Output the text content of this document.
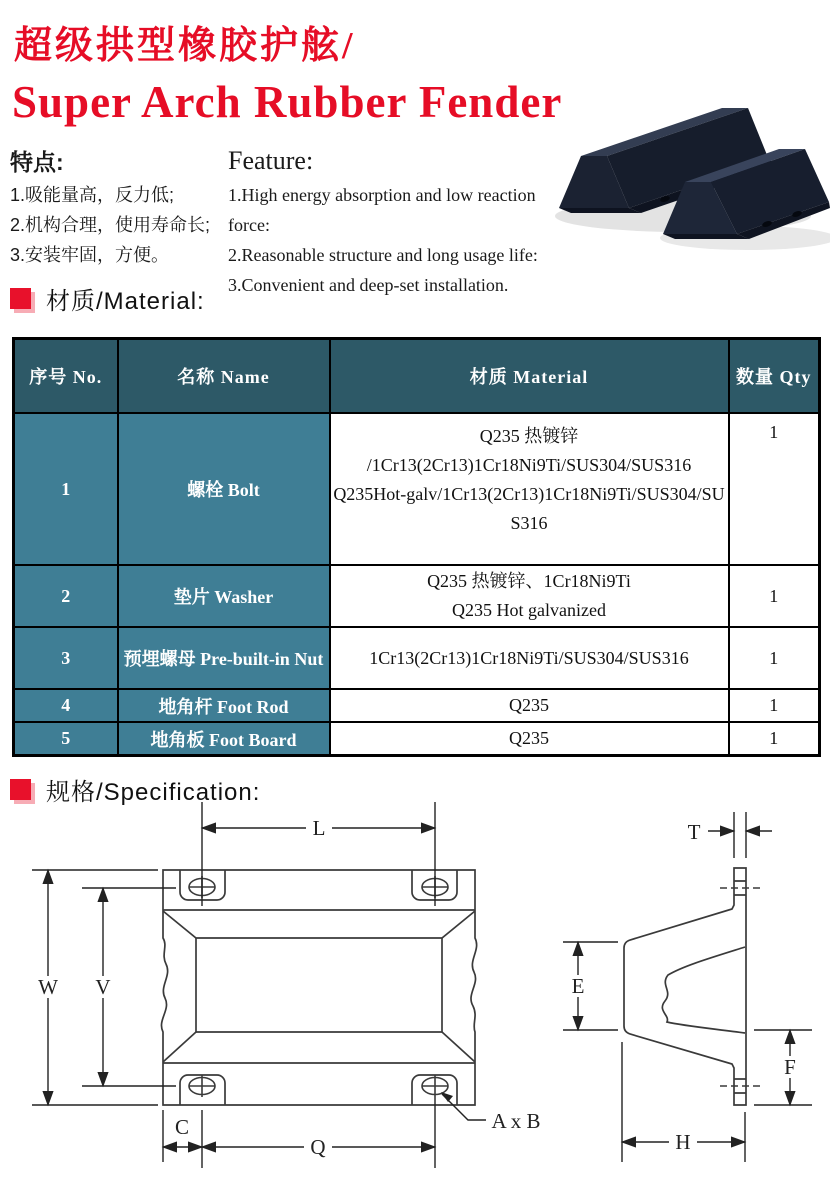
超级拱型橡胶护舷/
Super Arch Rubber Fender
特点:
1.吸能量高，反力低;
2.机构合理，使用寿命长;
3.安装牢固，方便。
Feature:
1.High energy absorption and low reaction force:
2.Reasonable structure and long usage life:
3.Convenient and deep-set installation.
材质/Material:
序号 No.	名称 Name	材质 Material	数量 Qty
1	螺栓 Bolt	Q235 热镀锌
/1Cr13(2Cr13)1Cr18Ni9Ti/SUS304/SUS316
Q235Hot-galv/1Cr13(2Cr13)1Cr18Ni9Ti/SUS304/SU
S316	1
2	垫片 Washer	Q235 热镀锌、1Cr18Ni9Ti
Q235 Hot galvanized	1
3	预埋螺母 Pre-built-in Nut	1Cr13(2Cr13)1Cr18Ni9Ti/SUS304/SUS316	1
4	地角杆 Foot Rod	Q235	1
5	地角板 Foot Board	Q235	1
规格/Specification:
L
W V
C
Q
A x B
T
E
F
H
